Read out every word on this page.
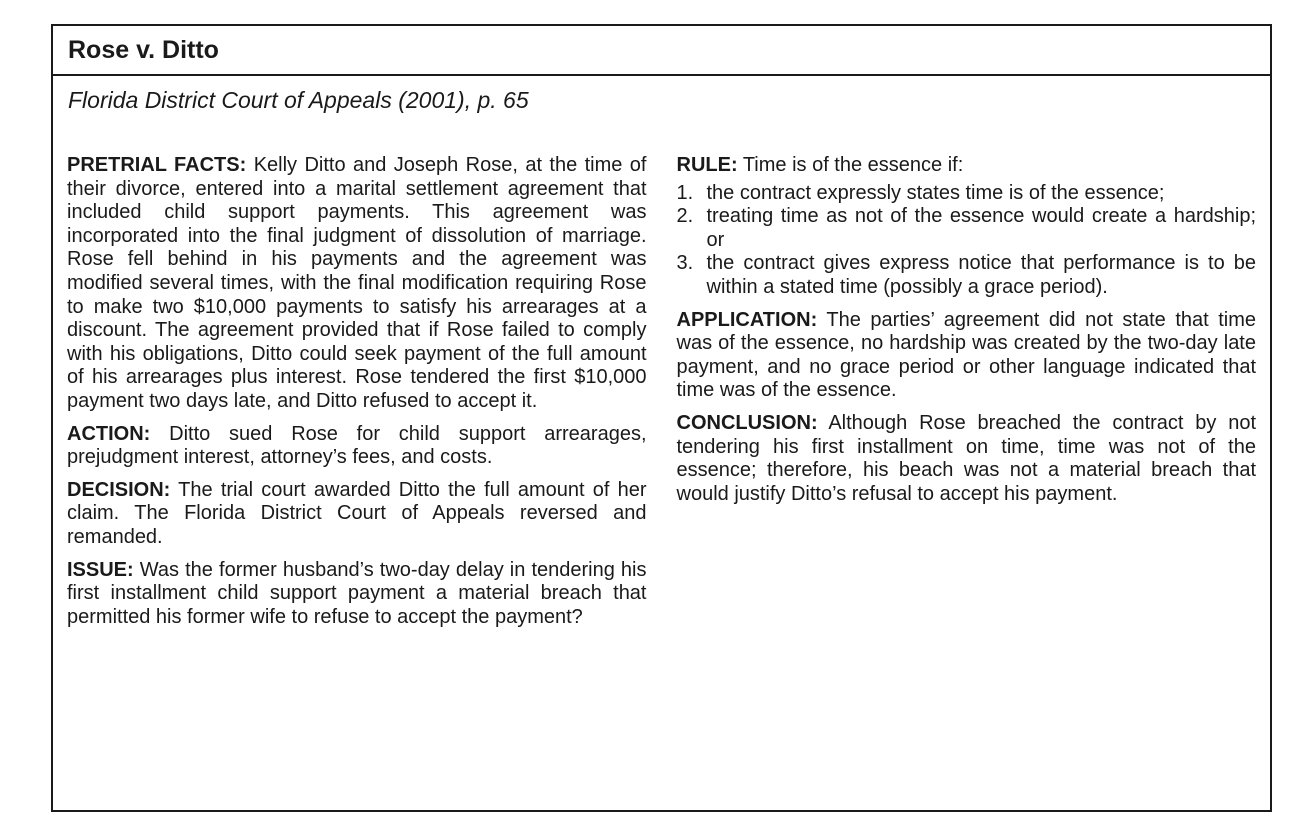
Rose v. Ditto

Florida District Court of Appeals (2001), p. 65

PRETRIAL FACTS: Kelly Ditto and Joseph Rose, at the time of their divorce, entered into a marital settlement agreement that included child support payments. This agreement was incorporated into the final judgment of dissolution of marriage. Rose fell behind in his payments and the agreement was modified several times, with the final modification requiring Rose to make two $10,000 payments to satisfy his arrearages at a discount. The agreement provided that if Rose failed to comply with his obligations, Ditto could seek payment of the full amount of his arrearages plus interest. Rose tendered the first $10,000 payment two days late, and Ditto refused to accept it.

ACTION: Ditto sued Rose for child support arrearages, prejudgment interest, attorney’s fees, and costs.

DECISION: The trial court awarded Ditto the full amount of her claim. The Florida District Court of Appeals reversed and remanded.

ISSUE: Was the former husband’s two-day delay in tendering his first installment child support payment a material breach that permitted his former wife to refuse to accept the payment?

RULE: Time is of the essence if:

1. the contract expressly states time is of the essence;
2. treating time as not of the essence would create a hardship; or
3. the contract gives express notice that performance is to be within a stated time (possibly a grace period).

APPLICATION: The parties’ agreement did not state that time was of the essence, no hardship was created by the two-day late payment, and no grace period or other language indicated that time was of the essence.

CONCLUSION: Although Rose breached the contract by not tendering his first installment on time, time was not of the essence; therefore, his beach was not a material breach that would justify Ditto’s refusal to accept his payment.
